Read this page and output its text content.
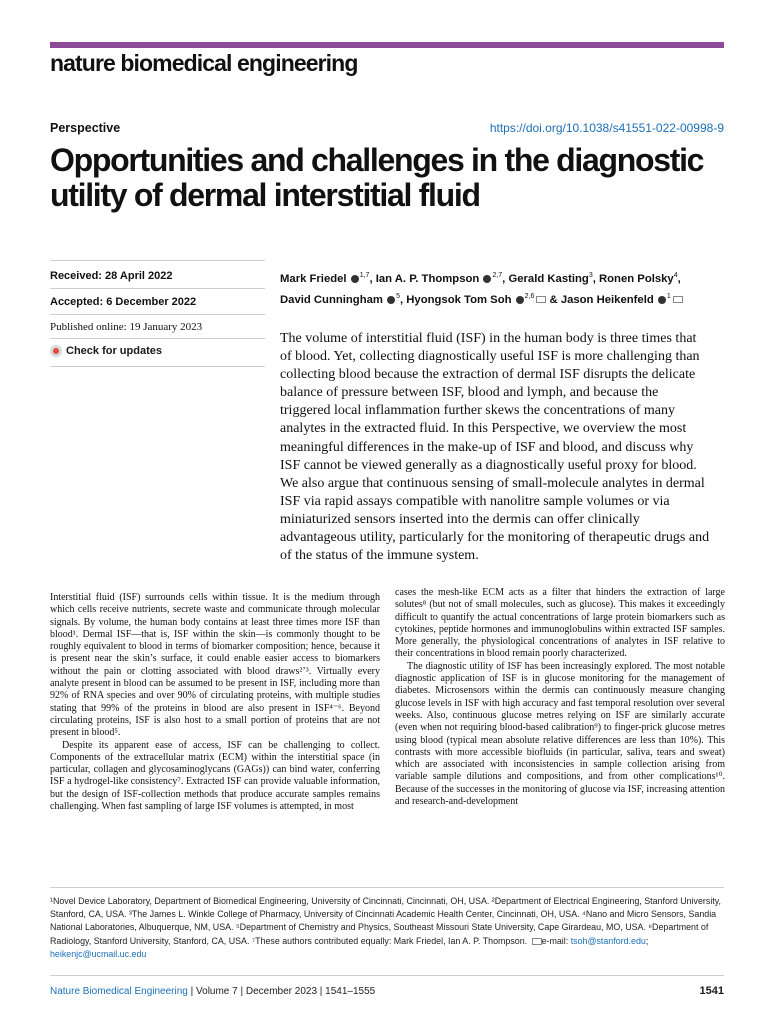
nature biomedical engineering
Perspective	https://doi.org/10.1038/s41551-022-00998-9
Opportunities and challenges in the diagnostic utility of dermal interstitial fluid
Received: 28 April 2022
Accepted: 6 December 2022
Published online: 19 January 2023
Check for updates
Mark Friedel $^{1,7}$, Ian A. P. Thompson $^{2,7}$, Gerald Kasting$^3$, Ronen Polsky$^4$,
David Cunningham $^5$, Hyongsok Tom Soh $^{2,6}$ & Jason Heikenfeld $^1$
The volume of interstitial fluid (ISF) in the human body is three times that of blood. Yet, collecting diagnostically useful ISF is more challenging than collecting blood because the extraction of dermal ISF disrupts the delicate balance of pressure between ISF, blood and lymph, and because the triggered local inflammation further skews the concentrations of many analytes in the extracted fluid. In this Perspective, we overview the most meaningful differences in the make-up of ISF and blood, and discuss why ISF cannot be viewed generally as a diagnostically useful proxy for blood. We also argue that continuous sensing of small-molecule analytes in dermal ISF via rapid assays compatible with nanolitre sample volumes or via miniaturized sensors inserted into the dermis can offer clinically advantageous utility, particularly for the monitoring of therapeutic drugs and of the status of the immune system.

Interstitial fluid (ISF) surrounds cells within tissue. It is the medium through which cells receive nutrients, secrete waste and communicate through molecular signals. By volume, the human body contains at least three times more ISF than blood¹. Dermal ISF—that is, ISF within the skin—is commonly thought to be roughly equivalent to blood in terms of biomarker composition; hence, because it is present near the skin’s surface, it could enable easier access to biomarkers without the pain or clotting associated with blood draws²ʼ³. Virtually every analyte present in blood can be assumed to be present in ISF, including more than 92% of RNA species and over 90% of circulating proteins, with multiple studies stating that 99% of the proteins in blood are also present in ISF⁴⁻⁶. Beyond circulating proteins, ISF is also host to a small portion of proteins that are not present in blood⁵.

Despite its apparent ease of access, ISF can be challenging to collect. Components of the extracellular matrix (ECM) within the interstitial space (in particular, collagen and glycosaminoglycans (GAGs)) can bind water, conferring ISF a hydrogel-like consistency⁷. Extracted ISF can provide valuable information, but the design of ISF-collection methods that produce accurate samples remains challenging. When fast sampling of large ISF volumes is attempted, in most

cases the mesh-like ECM acts as a filter that hinders the extraction of large solutes⁸ (but not of small molecules, such as glucose). This makes it exceedingly difficult to quantify the actual concentrations of large protein biomarkers such as cytokines, peptide hormones and immunoglobulins within extracted ISF samples. More generally, the physiological concentrations of analytes in ISF relative to their concentrations in blood remain poorly characterized.

The diagnostic utility of ISF has been increasingly explored. The most notable diagnostic application of ISF is in glucose monitoring for the management of diabetes. Microsensors within the dermis can continuously measure changing glucose levels in ISF with high accuracy and fast temporal resolution over several weeks. Also, continuous glucose metres relying on ISF are similarly accurate (even when not requiring blood-based calibration⁹) to finger-prick glucose metres using blood (typical mean absolute relative differences are less than 10%). This contrasts with more accessible biofluids (in particular, saliva, tears and sweat) which are associated with inconsistencies in sample collection arising from variable sample dilutions and compositions, and from other complications¹⁰. Because of the successes in the monitoring of glucose via ISF, increasing attention and research-and-development

¹Novel Device Laboratory, Department of Biomedical Engineering, University of Cincinnati, Cincinnati, OH, USA. ²Department of Electrical Engineering, Stanford University, Stanford, CA, USA. ³The James L. Winkle College of Pharmacy, University of Cincinnati Academic Health Center, Cincinnati, OH, USA. ⁴Nano and Micro Sensors, Sandia National Laboratories, Albuquerque, NM, USA. ⁵Department of Chemistry and Physics, Southeast Missouri State University, Cape Girardeau, MO, USA. ⁶Department of Radiology, Stanford University, Stanford, CA, USA. ⁷These authors contributed equally: Mark Friedel, Ian A. P. Thompson. e-mail: tsoh@stanford.edu; heikenjc@ucmail.uc.edu
Nature Biomedical Engineering | Volume 7 | December 2023 | 1541–1555	1541
